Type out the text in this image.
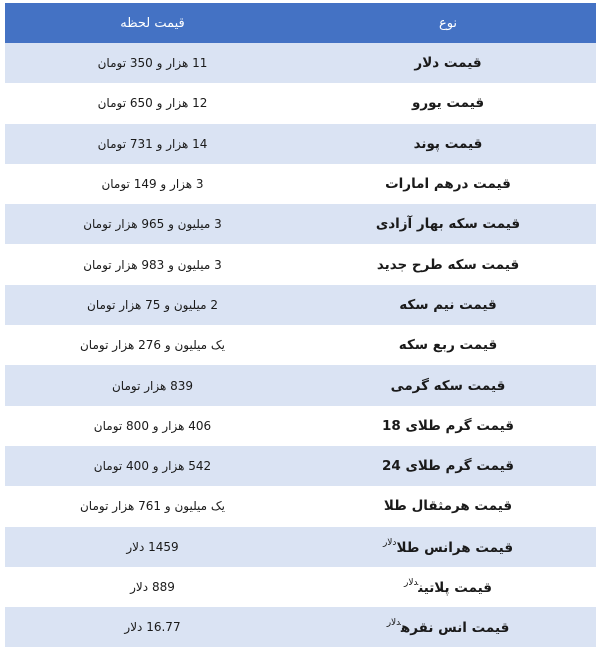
قیمت لحظه	نوع
11 هزار و 350 تومان	قیمت دلار
12 هزار و 650 تومان	قیمت یورو
14 هزار و 731 تومان	قیمت پوند
3 هزار و 149 تومان	قیمت درهم امارات
3 میلیون و 965 هزار تومان	قیمت سکه بهار آزادی
3 میلیون و 983 هزار تومان	قیمت سکه طرح جدید
2 میلیون و 75 هزار تومان	قیمت نیم سکه
یک میلیون و 276 هزار تومان	قیمت ربع سکه
839 هزار تومان	قیمت سکه گرمی
406 هزار و 800 تومان	قیمت گرم طلای 18
542 هزار و 400 تومان	قیمت گرم طلای 24
یک میلیون و 761 هزار تومان	قیمت هرمثقال طلا
1459 دلار	قیمت هرانس طلا$^{دلار}$
889 دلار	قیمت پلاتین$^{دلار}$
16.77 دلار	قیمت انس نقره$^{دلار}$
